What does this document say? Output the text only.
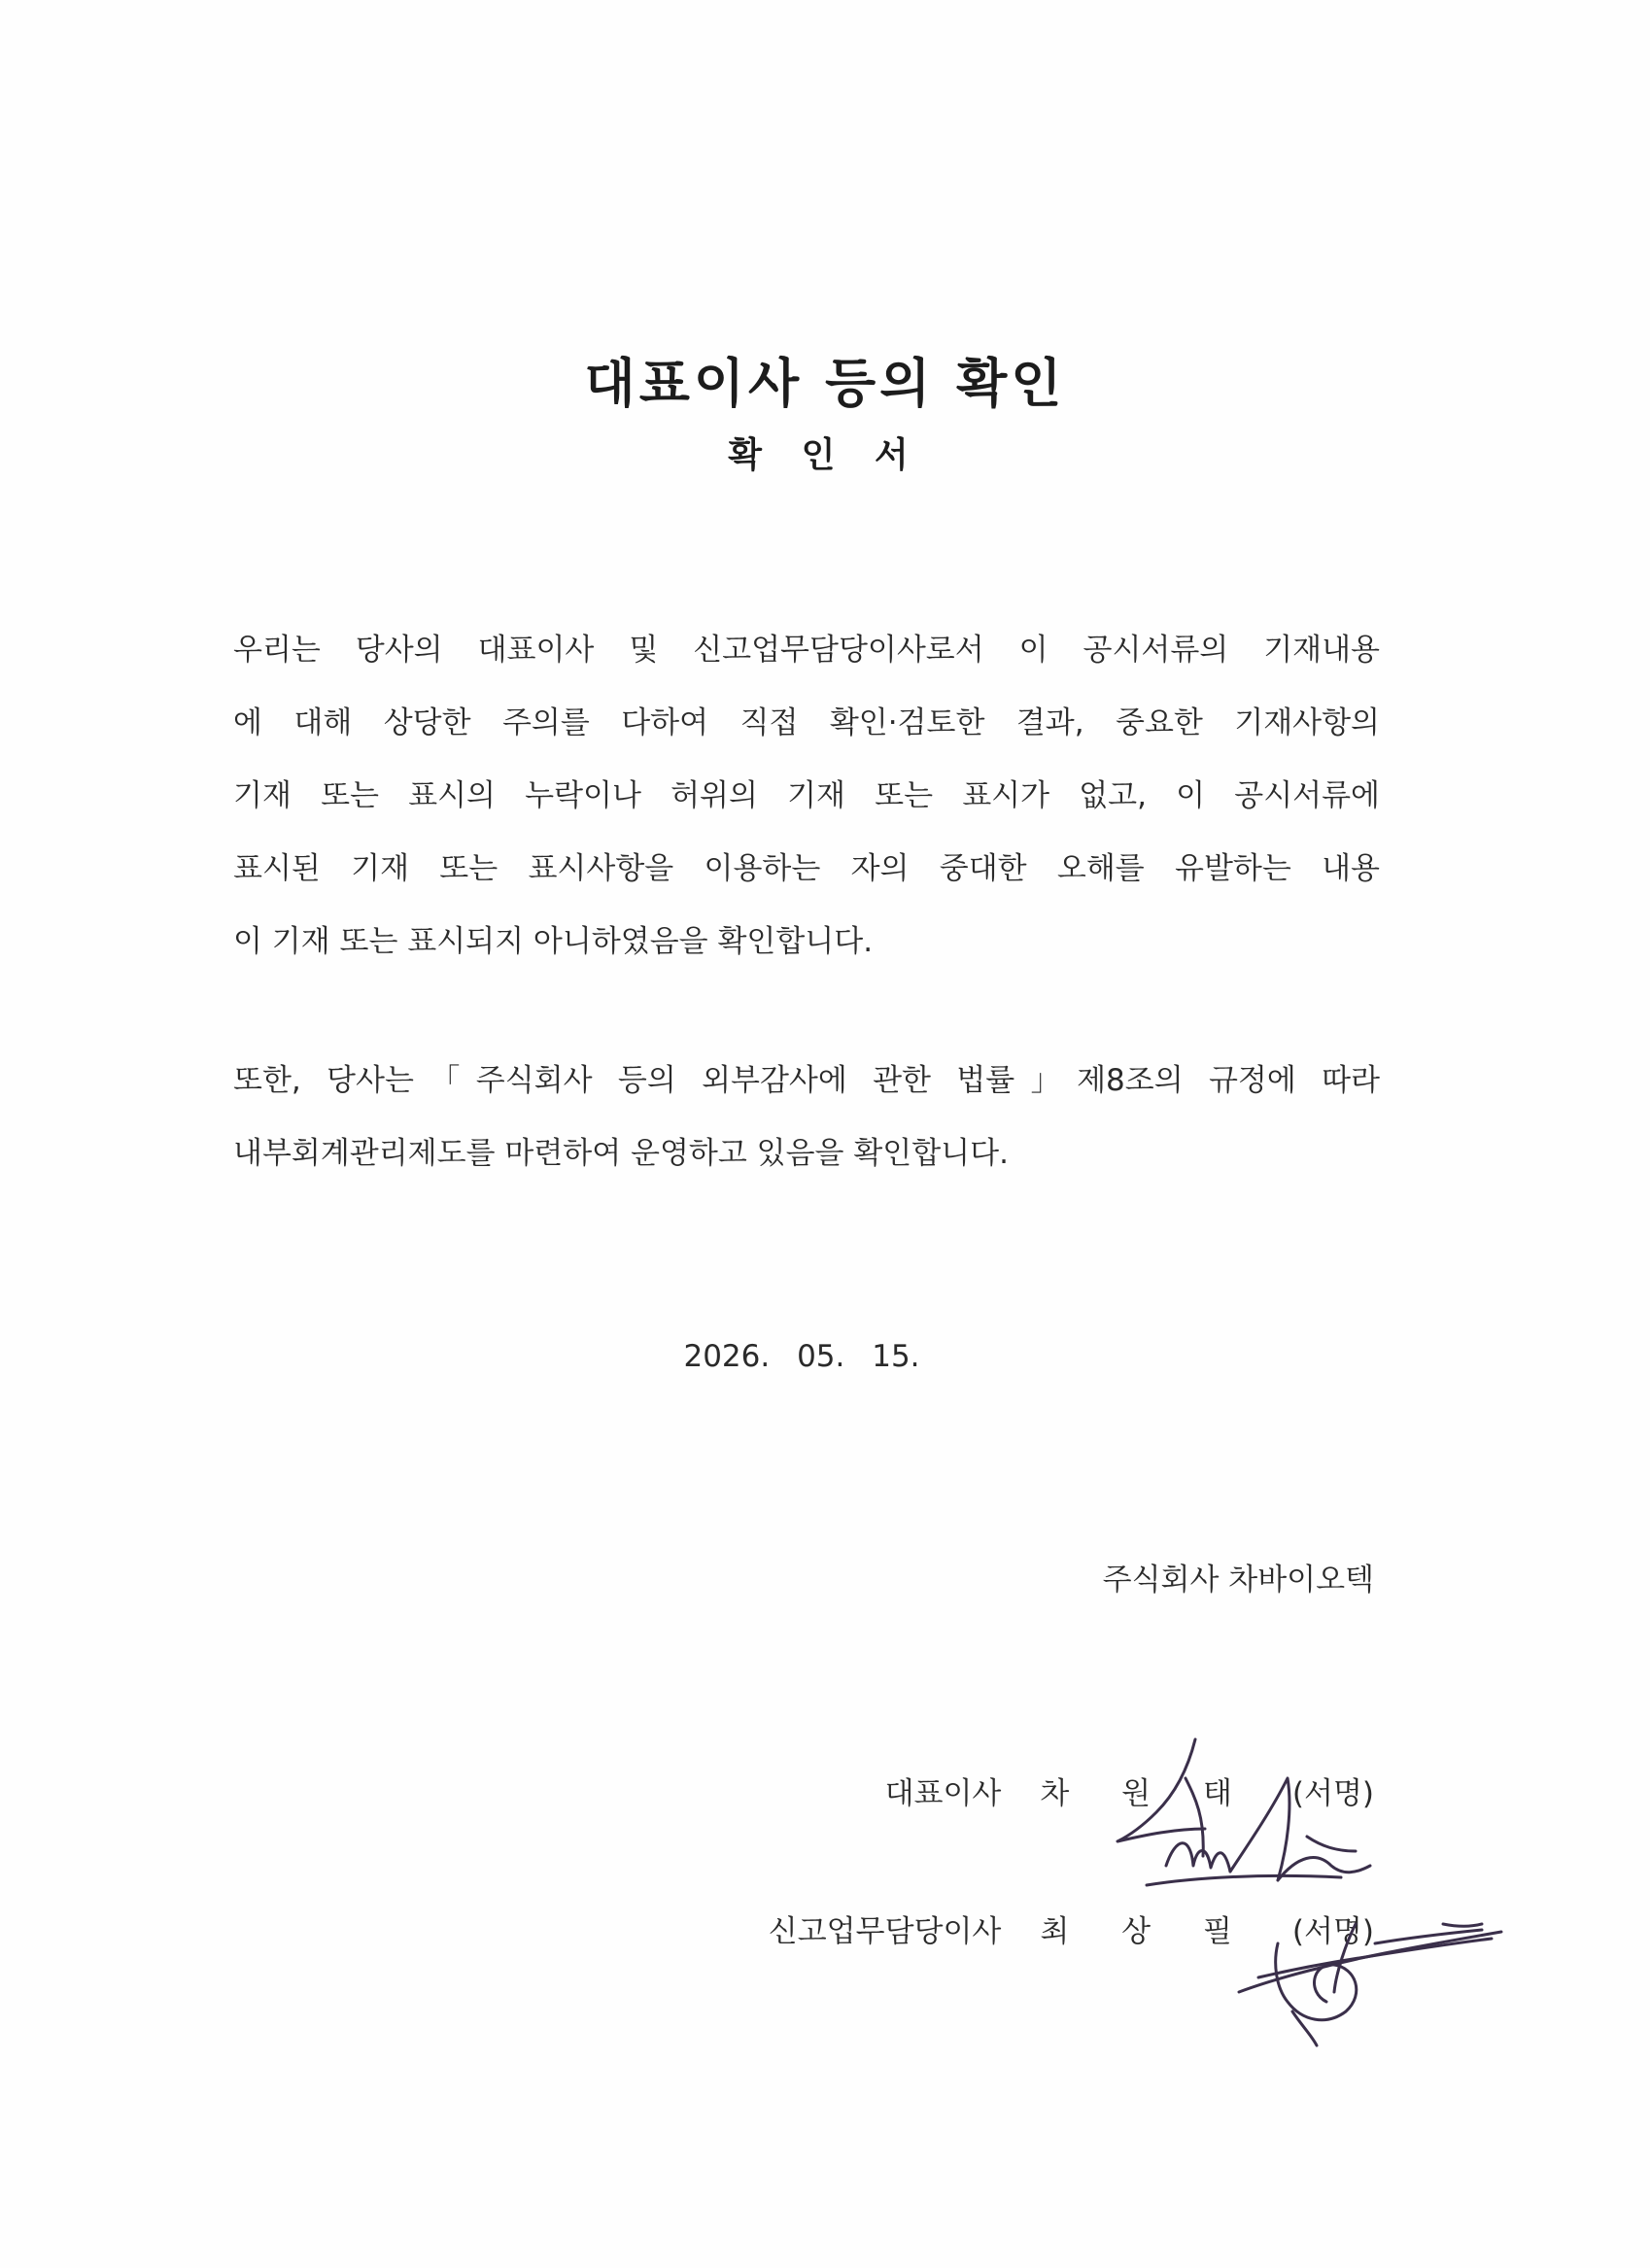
대표이사 등의 확인
확 인 서
우리는 당사의 대표이사 및 신고업무담당이사로서 이 공시서류의 기재내용
에 대해 상당한 주의를 다하여 직접 확인·검토한 결과, 중요한 기재사항의
기재 또는 표시의 누락이나 허위의 기재 또는 표시가 없고, 이 공시서류에
표시된 기재 또는 표시사항을 이용하는 자의 중대한 오해를 유발하는 내용
이 기재 또는 표시되지 아니하였음을 확인합니다.
또한, 당사는「주식회사 등의 외부감사에 관한 법률」제8조의 규정에 따라
내부회계관리제도를 마련하여 운영하고 있음을 확인합니다.
2026. 05. 15.
주식회사 차바이오텍
대표이사 차 원 태 (서명)
신고업무담당이사 최 상 필 (서명)
